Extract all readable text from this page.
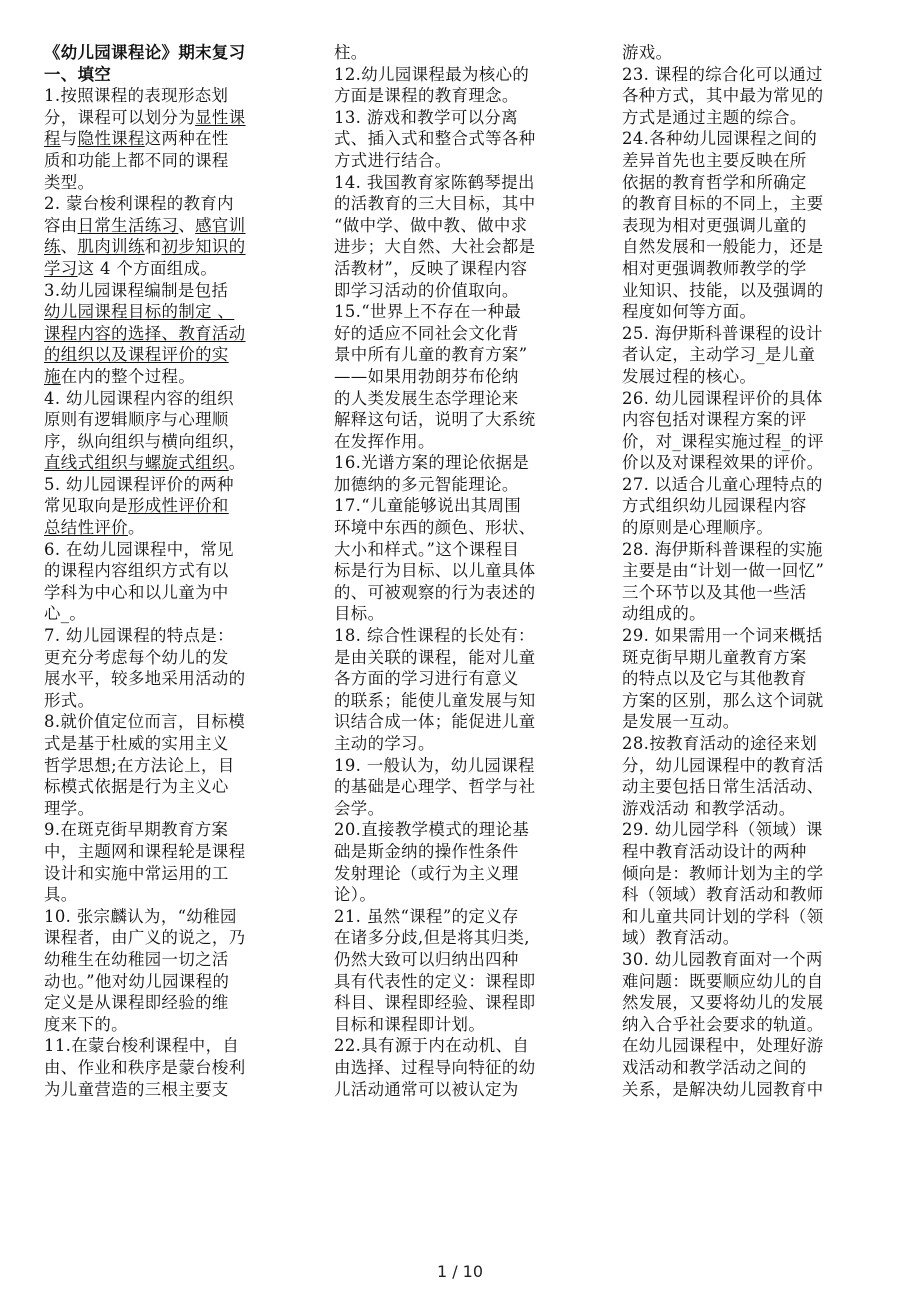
《幼儿园课程论》期末复习
一、填空
1.按照课程的表现形态划
分，课程可以划分为显性课
程与隐性课程这两种在性
质和功能上都不同的课程
类型。
2. 蒙台梭利课程的教育内
容由日常生活练习、感官训
练、肌肉训练和初步知识的
学习这 4 个方面组成。
3.幼儿园课程编制是包括
幼儿园课程目标的制定 、
课程内容的选择、教育活动
的组织以及课程评价的实
施在内的整个过程。
4. 幼儿园课程内容的组织
原则有逻辑顺序与心理顺
序，纵向组织与横向组织，
直线式组织与螺旋式组织。
5. 幼儿园课程评价的两种
常见取向是形成性评价和
总结性评价。
6. 在幼儿园课程中，常见
的课程内容组织方式有以
学科为中心和以儿童为中
心_。
7. 幼儿园课程的特点是：
更充分考虑每个幼儿的发
展水平，较多地采用活动的
形式。
8.就价值定位而言，目标模
式是基于杜威的实用主义
哲学思想;在方法论上，目
标模式依据是行为主义心
理学。
9.在斑克街早期教育方案
中，主题网和课程轮是课程
设计和实施中常运用的工
具。
10. 张宗麟认为，“幼稚园
课程者，由广义的说之，乃
幼稚生在幼稚园一切之活
动也。”他对幼儿园课程的
定义是从课程即经验的维
度来下的。
11.在蒙台梭利课程中，自
由、作业和秩序是蒙台梭利
为儿童营造的三根主要支
柱。
12.幼儿园课程最为核心的
方面是课程的教育理念。
13. 游戏和教学可以分离
式、插入式和整合式等各种
方式进行结合。
14. 我国教育家陈鹤琴提出
的活教育的三大目标，其中
“做中学、做中教、做中求
进步；大自然、大社会都是
活教材”，反映了课程内容
即学习活动的价值取向。
15.“世界上不存在一种最
好的适应不同社会文化背
景中所有儿童的教育方案”
——如果用勃朗芬布伦纳
的人类发展生态学理论来
解释这句话，说明了大系统
在发挥作用。
16.光谱方案的理论依据是
加德纳的多元智能理论。
17.“儿童能够说出其周围
环境中东西的颜色、形状、
大小和样式。”这个课程目
标是行为目标、以儿童具体
的、可被观察的行为表述的
目标。
18. 综合性课程的长处有：
是由关联的课程，能对儿童
各方面的学习进行有意义
的联系；能使儿童发展与知
识结合成一体；能促进儿童
主动的学习。
19. 一般认为，幼儿园课程
的基础是心理学、哲学与社
会学。
20.直接教学模式的理论基
础是斯金纳的操作性条件
发射理论（或行为主义理
论）。
21. 虽然“课程”的定义存
在诸多分歧,但是将其归类,
仍然大致可以归纳出四种
具有代表性的定义：课程即
科目、课程即经验、课程即
目标和课程即计划。
22.具有源于内在动机、自
由选择、过程导向特征的幼
儿活动通常可以被认定为
游戏。
23. 课程的综合化可以通过
各种方式，其中最为常见的
方式是通过主题的综合。
24.各种幼儿园课程之间的
差异首先也主要反映在所
依据的教育哲学和所确定
的教育目标的不同上，主要
表现为相对更强调儿童的
自然发展和一般能力，还是
相对更强调教师教学的学
业知识、技能，以及强调的
程度如何等方面。
25. 海伊斯科普课程的设计
者认定，主动学习_是儿童
发展过程的核心。
26. 幼儿园课程评价的具体
内容包括对课程方案的评
价，对_课程实施过程_的评
价以及对课程效果的评价。
27. 以适合儿童心理特点的
方式组织幼儿园课程内容
的原则是心理顺序。
28. 海伊斯科普课程的实施
主要是由“计划一做一回忆”
三个环节以及其他一些活
动组成的。
29. 如果需用一个词来概括
斑克街早期儿童教育方案
的特点以及它与其他教育
方案的区别，那么这个词就
是发展一互动。
28.按教育活动的途径来划
分，幼儿园课程中的教育活
动主要包括日常生活活动、
游戏活动 和教学活动。
29. 幼儿园学科（领域）课
程中教育活动设计的两种
倾向是：教师计划为主的学
科（领域）教育活动和教师
和儿童共同计划的学科（领
域）教育活动。
30. 幼儿园教育面对一个两
难问题：既要顺应幼儿的自
然发展，又要将幼儿的发展
纳入合乎社会要求的轨道。
在幼儿园课程中，处理好游
戏活动和教学活动之间的
关系，是解决幼儿园教育中
1 / 10
